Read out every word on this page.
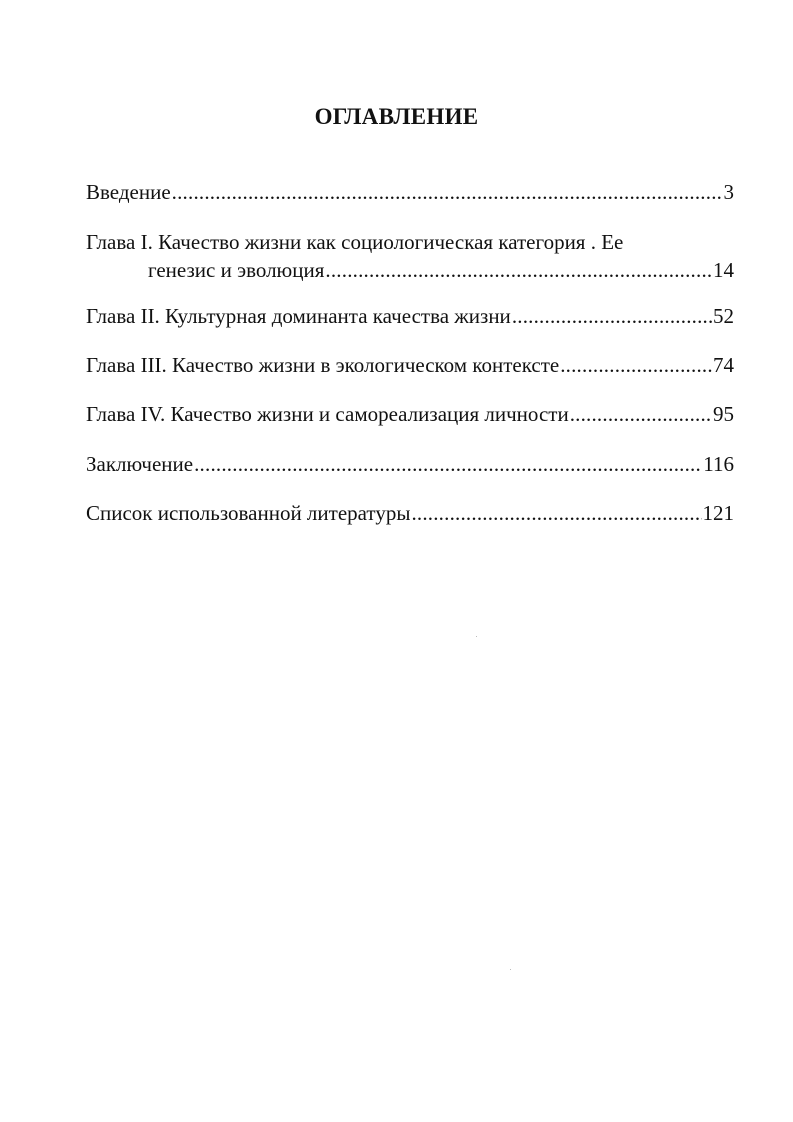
ОГЛАВЛЕНИЕ
Введение .....	3
Глава I. Качество жизни как социологическая категория . Ее
генезис и эволюция .....	14
Глава II. Культурная доминанта качества жизни .....	52
Глава III. Качество жизни в экологическом контексте .....	74
Глава IV. Качество жизни и самореализация личности .....	95
Заключение .....	116
Список использованной литературы .....	121
